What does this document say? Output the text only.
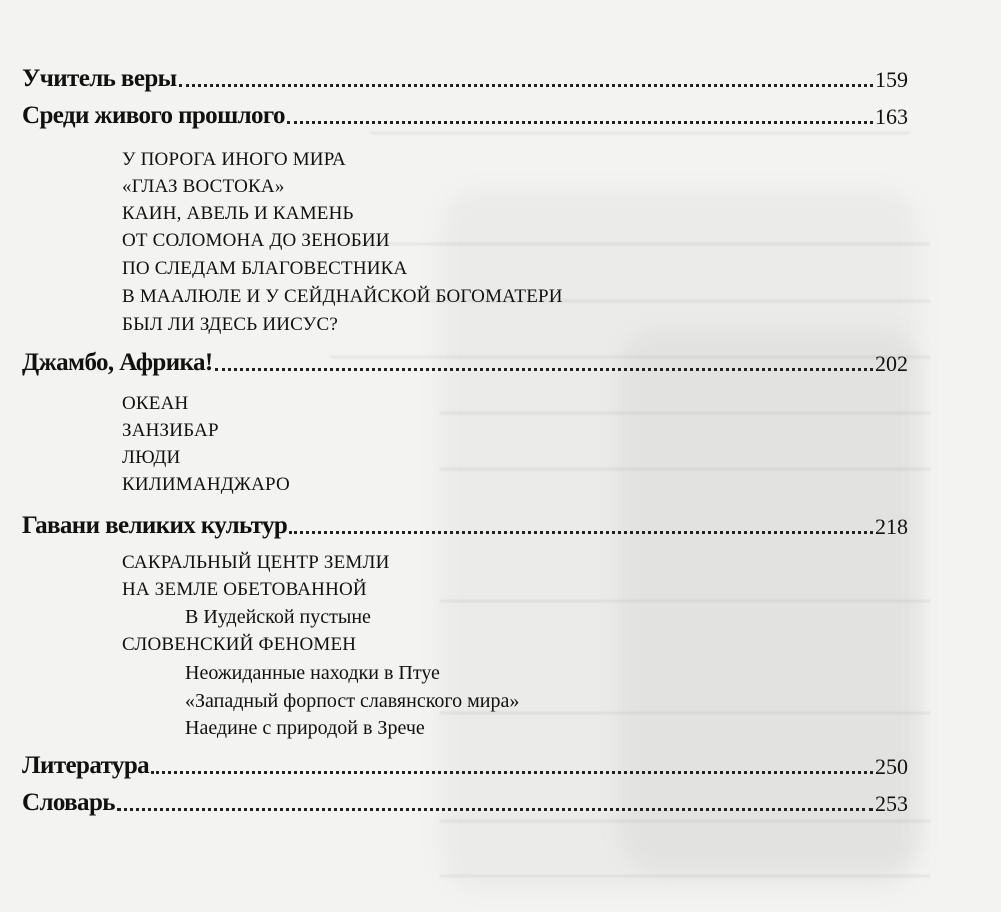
Учитель веры	159
Среди живого прошлого	163
У ПОРОГА ИНОГО МИРА
«ГЛАЗ ВОСТОКА»
КАИН, АВЕЛЬ И КАМЕНЬ
ОТ СОЛОМОНА ДО ЗЕНОБИИ
ПО СЛЕДАМ БЛАГОВЕСТНИКА
В МААЛЮЛЕ И У СЕЙДНАЙСКОЙ БОГОМАТЕРИ
БЫЛ ЛИ ЗДЕСЬ ИИСУС?
Джамбо, Африка!	202
ОКЕАН
ЗАНЗИБАР
ЛЮДИ
КИЛИМАНДЖАРО
Гавани великих культур	218
САКРАЛЬНЫЙ ЦЕНТР ЗЕМЛИ
НА ЗЕМЛЕ ОБЕТОВАННОЙ
В Иудейской пустыне
СЛОВЕНСКИЙ ФЕНОМЕН
Неожиданные находки в Птуе
«Западный форпост славянского мира»
Наедине с природой в Зрече
Литература	250
Словарь	253
